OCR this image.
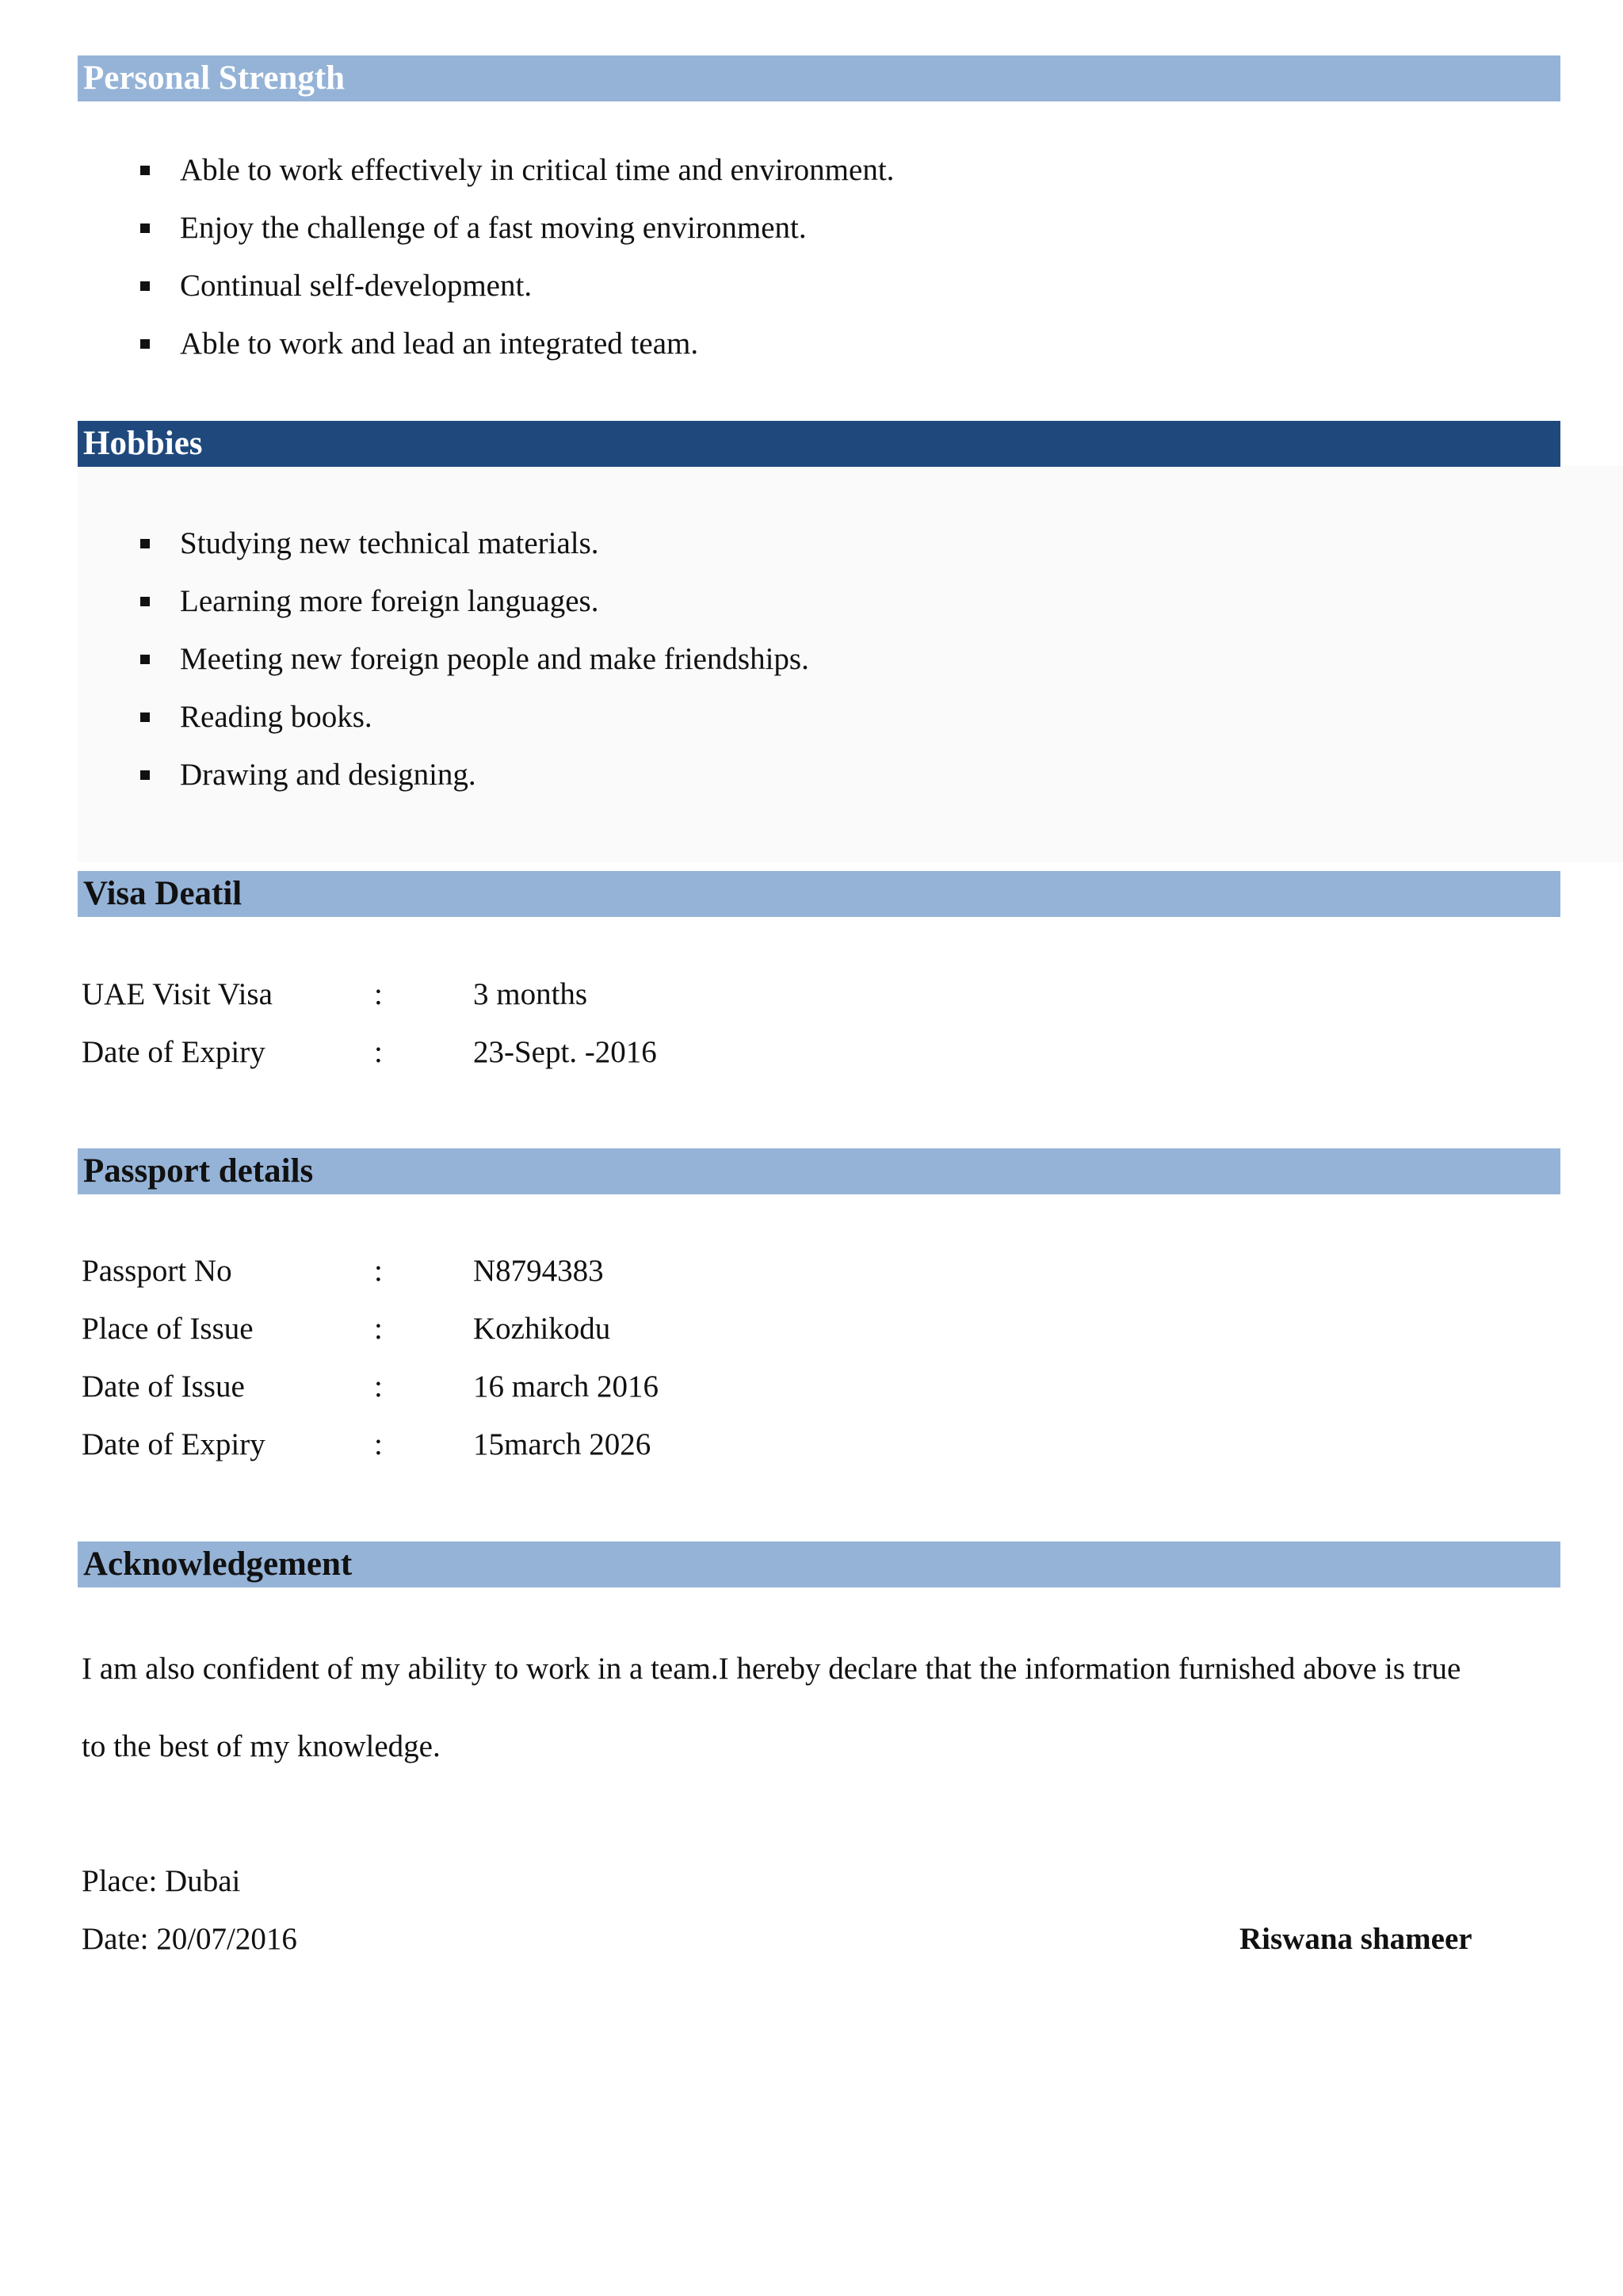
Personal Strength
Able to work effectively in critical time and environment.
Enjoy the challenge of a fast moving environment.
Continual self-development.
Able to work and lead an integrated team.
Hobbies
Studying new technical materials.
Learning more foreign languages.
Meeting new foreign people and make friendships.
Reading books.
Drawing and designing.
Visa Deatil
UAE Visit Visa	:	3 months
Date of Expiry	:	23-Sept. -2016
Passport details
Passport No	:	N8794383
Place of Issue	:	Kozhikodu
Date of Issue	:	16 march 2016
Date of Expiry	:	15march 2026
Acknowledgement
I am also confident of my ability to work in a team.I hereby declare that the information furnished above is true
to the best of my knowledge.
Place: Dubai
Date: 20/07/2016	Riswana shameer
